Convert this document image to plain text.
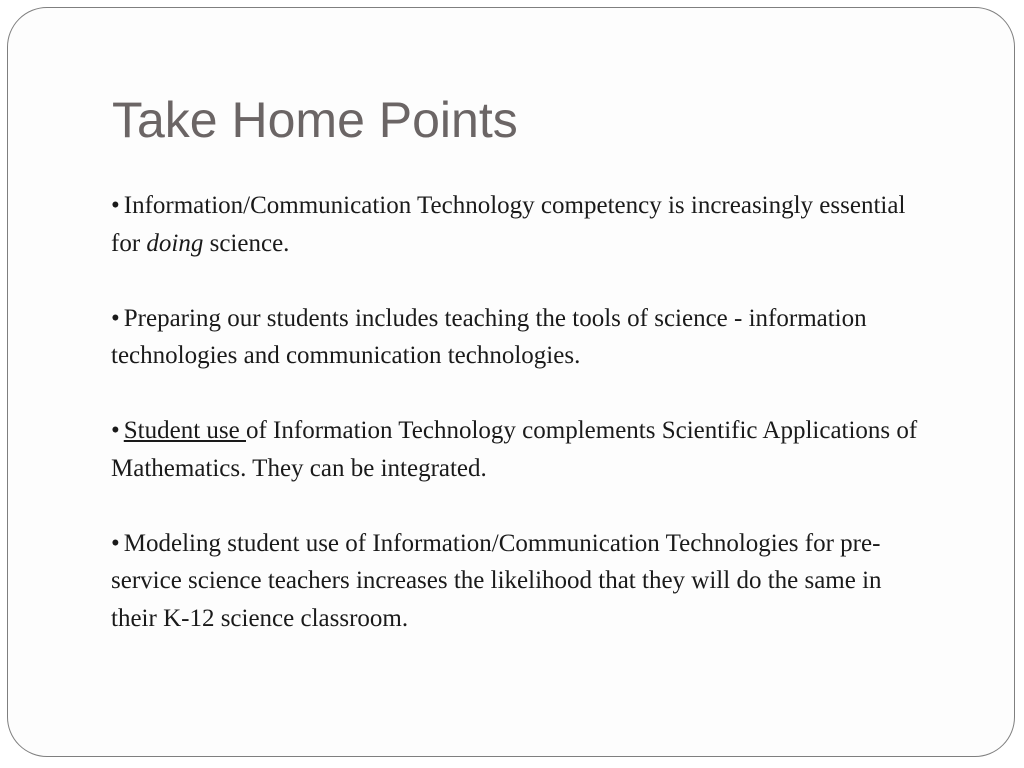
Take Home Points
• Information/Communication Technology competency is increasingly essential for doing science.
• Preparing our students includes teaching the tools of science - information technologies and communication technologies.
• Student use of Information Technology complements Scientific Applications of Mathematics. They can be integrated.
• Modeling student use of Information/Communication Technologies for pre-service science teachers increases the likelihood that they will do the same in their K-12 science classroom.
